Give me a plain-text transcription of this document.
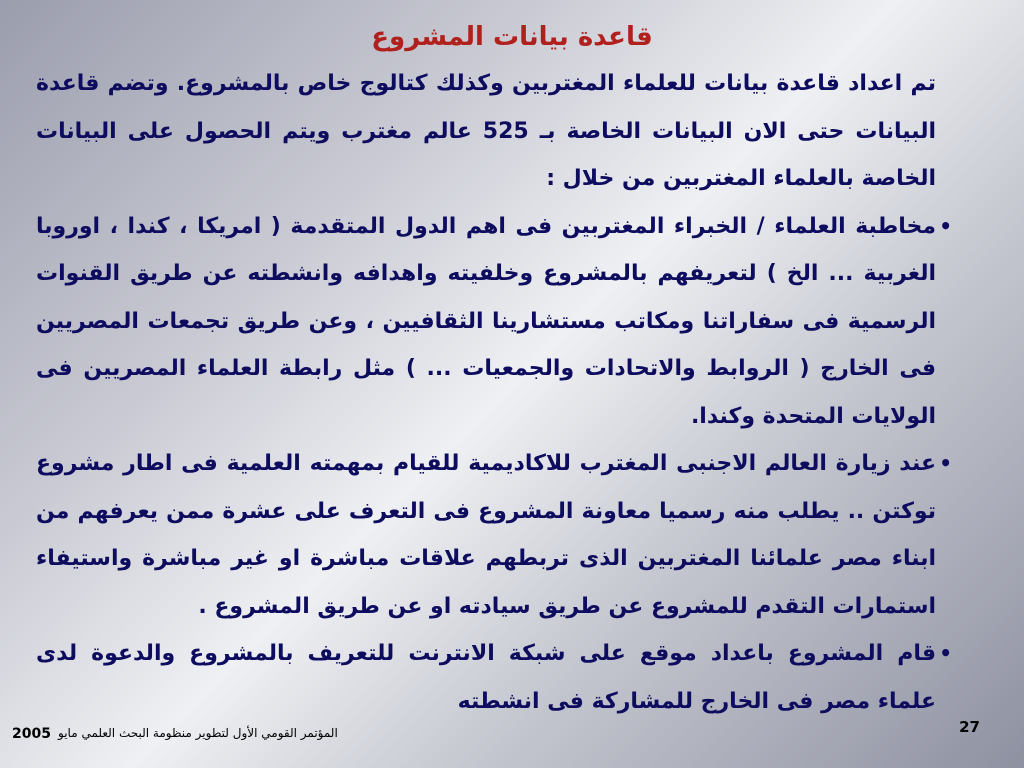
قاعدة بيانات المشروع

تم اعداد قاعدة بيانات للعلماء المغتربين وكذلك كتالوج خاص بالمشروع. وتضم قاعدة البيانات حتى الان البيانات الخاصة بـ 525 عالم مغترب ويتم الحصول على البيانات الخاصة بالعلماء المغتربين من خلال :

•
مخاطبة العلماء / الخبراء المغتربين فى اهم الدول المتقدمة ( امريكا ، كندا ، اوروبا الغربية ... الخ ) لتعريفهم بالمشروع وخلفيته واهدافه وانشطته عن طريق القنوات الرسمية فى سفاراتنا ومكاتب مستشارينا الثقافيين ، وعن طريق تجمعات المصريين فى الخارج ( الروابط والاتحادات والجمعيات ... ) مثل رابطة العلماء المصريين فى الولايات المتحدة وكندا.
•
عند زيارة العالم الاجنبى المغترب للاكاديمية للقيام بمهمته العلمية فى اطار مشروع توكتن .. يطلب منه رسميا معاونة المشروع فى التعرف على عشرة ممن يعرفهم من ابناء مصر علمائنا المغتربين الذى تربطهم علاقات مباشرة او غير مباشرة واستيفاء استمارات التقدم للمشروع عن طريق سيادته او عن طريق المشروع .
•
قام المشروع باعداد موقع على شبكة الانترنت للتعريف بالمشروع والدعوة لدى علماء مصر فى الخارج للمشاركة فى انشطته
2005 المؤتمر القومي الأول لتطوير منظومة البحث العلمي مايو	27
